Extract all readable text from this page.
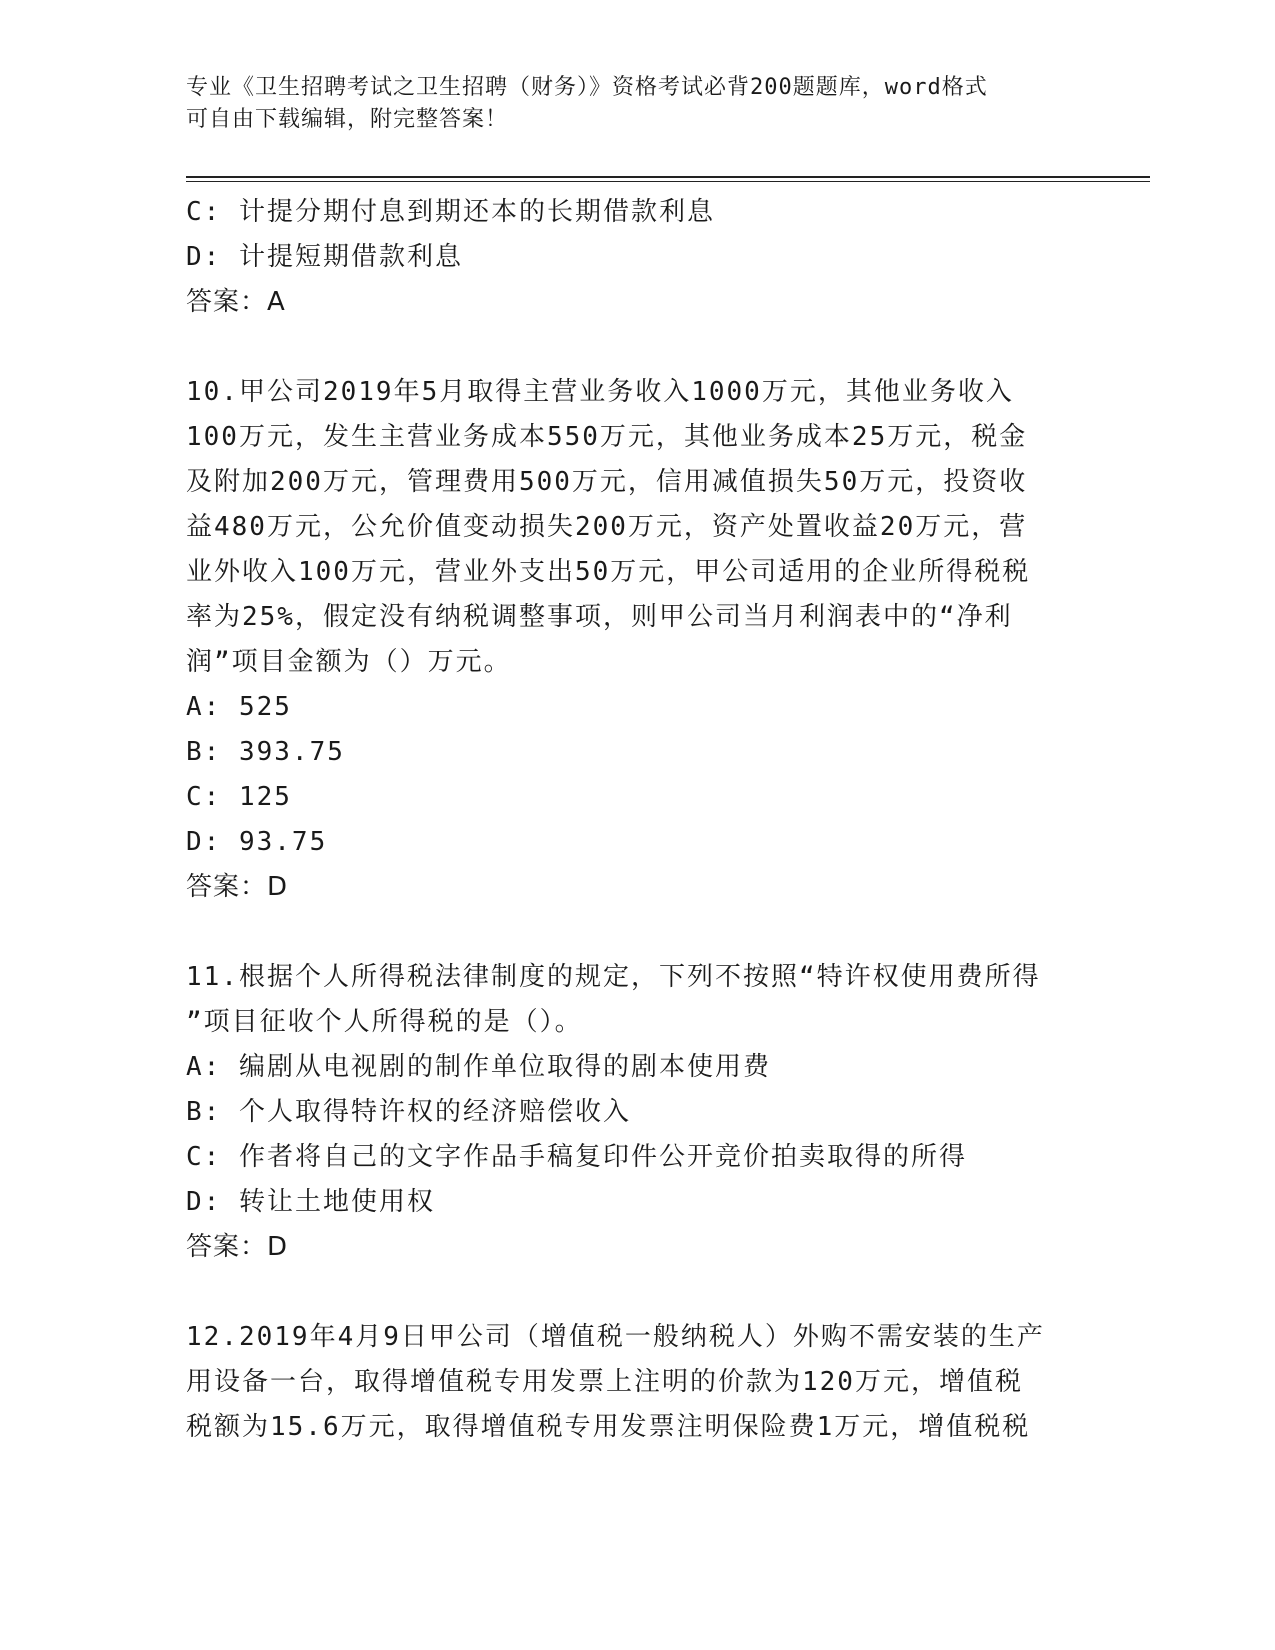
专业《卫生招聘考试之卫生招聘（财务）》资格考试必背200题题库，word格式
可自由下载编辑，附完整答案！
C: 计提分期付息到期还本的长期借款利息
D: 计提短期借款利息
答案：A
10.甲公司2019年5月取得主营业务收入1000万元，其他业务收入
100万元，发生主营业务成本550万元，其他业务成本25万元，税金
及附加200万元，管理费用500万元，信用减值损失50万元，投资收
益480万元，公允价值变动损失200万元，资产处置收益20万元，营
业外收入100万元，营业外支出50万元，甲公司适用的企业所得税税
率为25%，假定没有纳税调整事项，则甲公司当月利润表中的“净利
润”项目金额为（）万元。
A: 525
B: 393.75
C: 125
D: 93.75
答案：D
11.根据个人所得税法律制度的规定，下列不按照“特许权使用费所得
”项目征收个人所得税的是（）。
A: 编剧从电视剧的制作单位取得的剧本使用费
B: 个人取得特许权的经济赔偿收入
C: 作者将自己的文字作品手稿复印件公开竞价拍卖取得的所得
D: 转让土地使用权
答案：D
12.2019年4月9日甲公司（增值税一般纳税人）外购不需安装的生产
用设备一台，取得增值税专用发票上注明的价款为120万元，增值税
税额为15.6万元，取得增值税专用发票注明保险费1万元，增值税税
